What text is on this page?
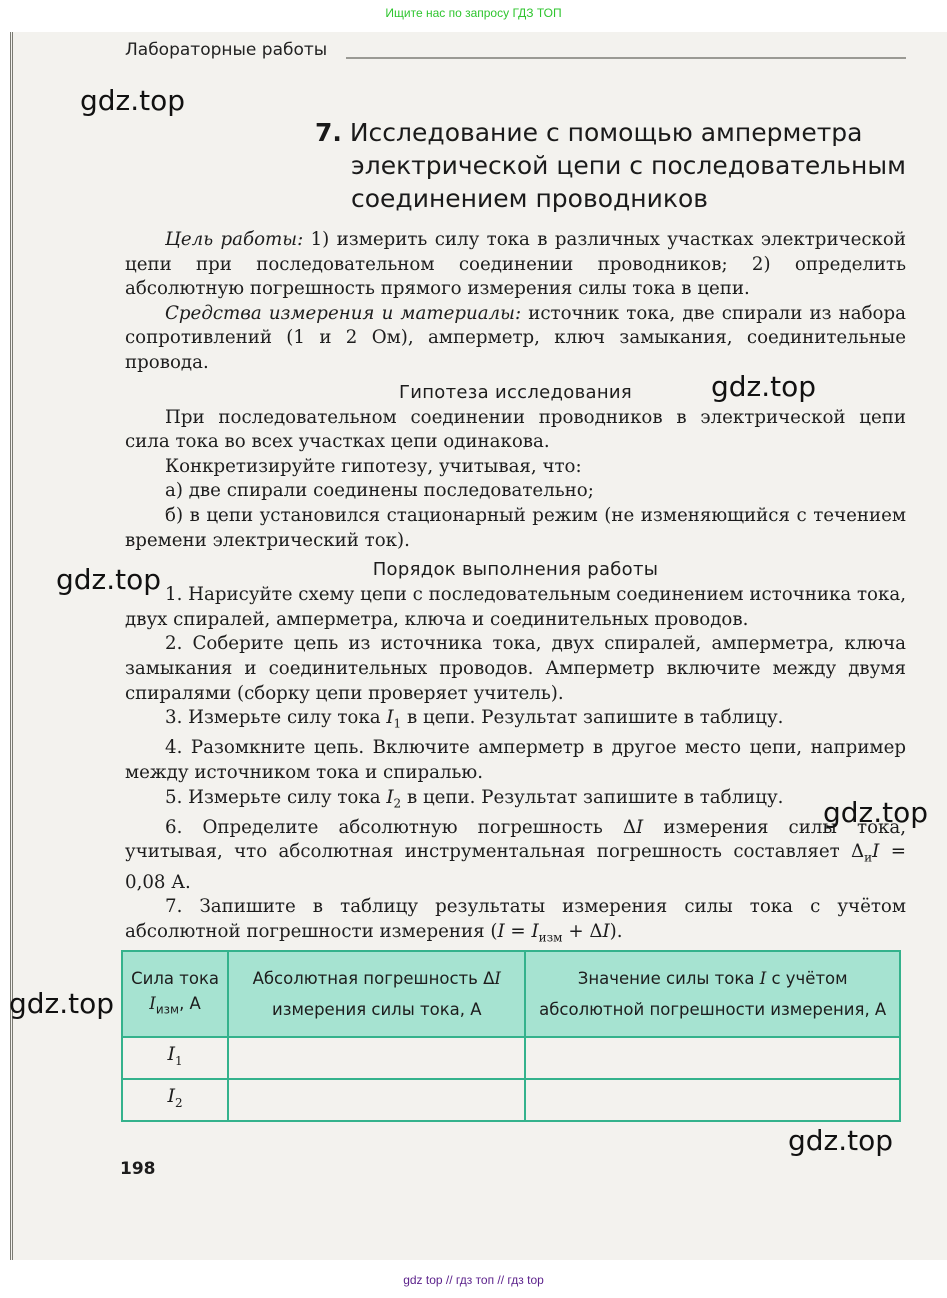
Ищите нас по запросу ГДЗ ТОП
Лабораторные работы
7. Исследование с помощью амперметра
электрической цепи с последовательным
соединением проводников

Цель работы: 1) измерить силу тока в различных участках электрической цепи при последовательном соединении проводников; 2) определить абсолютную погрешность прямого измерения силы тока в цепи.

Средства измерения и материалы: источник тока, две спирали из набора сопротивлений (1 и 2 Ом), амперметр, ключ замыкания, соединительные провода.

Гипотеза исследования

При последовательном соединении проводников в электрической цепи сила тока во всех участках цепи одинакова.

Конкретизируйте гипотезу, учитывая, что:

а) две спирали соединены последовательно;

б) в цепи установился стационарный режим (не изменяющийся с течением времени электрический ток).

Порядок выполнения работы

1. Нарисуйте схему цепи с последовательным соединением источника тока, двух спиралей, амперметра, ключа и соединительных проводов.

2. Соберите цепь из источника тока, двух спиралей, амперметра, ключа замыкания и соединительных проводов. Амперметр включите между двумя спиралями (сборку цепи проверяет учитель).

3. Измерьте силу тока $I_1$ в цепи. Результат запишите в таблицу.

4. Разомкните цепь. Включите амперметр в другое место цепи, например между источником тока и спиралью.

5. Измерьте силу тока $I_2$ в цепи. Результат запишите в таблицу.

6. Определите абсолютную погрешность ΔI измерения силы тока, учитывая, что абсолютная инструментальная погрешность составляет $\Delta_иI = 0,08$ А.

7. Запишите в таблицу результаты измерения силы тока с учётом абсолютной погрешности измерения $(I = I_{изм} + \Delta I)$.

Сила тока $I_{изм}$, А	Абсолютная погрешность ΔI измерения силы тока, А	Значение силы тока I с учётом абсолютной погрешности измерения, А
$I_1$		
$I_2$		
198
gdz.top
gdz.top
gdz.top
gdz.top
gdz.top
gdz.top
gdz top // гдз топ // гдз top
